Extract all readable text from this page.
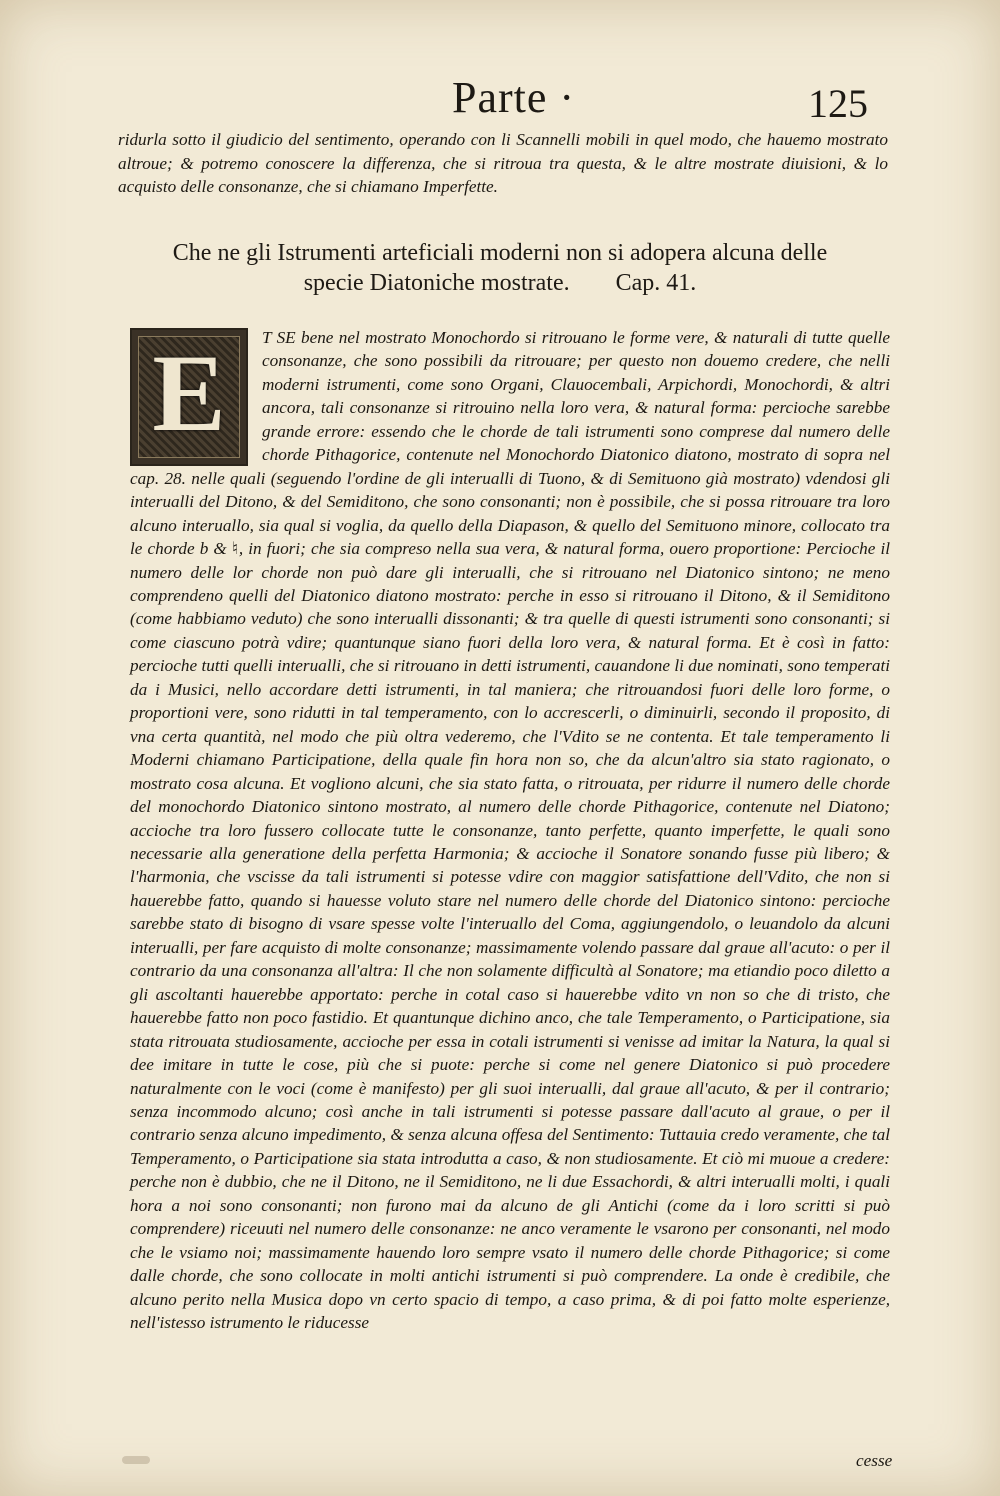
Parte ·	125
ridurla sotto il giudicio del sentimento, operando con li Scannelli mobili in quel modo, che hauemo mostrato altroue; & potremo conoscere la differenza, che si ritroua tra questa, & le altre mostrate diuisioni, & lo acquisto delle consonanze, che si chiamano Imperfette.
Che ne gli Istrumenti arteficiali moderni non si adopera alcuna delle
specie Diatoniche mostrate. Cap. 41.
E	T SE bene nel mostrato Monochordo si ritrouano le forme vere, & naturali di tutte quelle consonanze, che sono possibili da ritrouare; per questo non douemo credere, che nelli moderni istrumenti, come sono Organi, Clauocembali, Arpichordi, Monochordi, & altri ancora, tali consonanze si ritrouino nella loro vera, & natural forma: percioche sarebbe grande errore: essendo che le chorde de tali istrumenti sono comprese dal numero delle chorde Pithagorice, contenute nel Monochordo Diatonico diatono, mostrato di sopra nel cap. 28. nelle quali (seguendo l'ordine de gli interualli di Tuono, & di Semituono già mostrato) vdendosi gli interualli del Ditono, & del Semiditono, che sono consonanti; non è possibile, che si possa ritrouare tra loro alcuno interuallo, sia qual si voglia, da quello della Diapason, & quello del Semituono minore, collocato tra le chorde b & ♮, in fuori; che sia compreso nella sua vera, & natural forma, ouero proportione: Percioche il numero delle lor chorde non può dare gli interualli, che si ritrouano nel Diatonico sintono; ne meno comprendeno quelli del Diatonico diatono mostrato: perche in esso si ritrouano il Ditono, & il Semiditono (come habbiamo veduto) che sono interualli dissonanti; & tra quelle di questi istrumenti sono consonanti; si come ciascuno potrà vdire; quantunque siano fuori della loro vera, & natural forma. Et è così in fatto: percioche tutti quelli interualli, che si ritrouano in detti istrumenti, cauandone li due nominati, sono temperati da i Musici, nello accordare detti istrumenti, in tal maniera; che ritrouandosi fuori delle loro forme, o proportioni vere, sono ridutti in tal temperamento, con lo accrescerli, o diminuirli, secondo il proposito, di vna certa quantità, nel modo che più oltra vederemo, che l'Vdito se ne contenta. Et tale temperamento li Moderni chiamano Participatione, della quale fin hora non so, che da alcun'altro sia stato ragionato, o mostrato cosa alcuna. Et vogliono alcuni, che sia stato fatta, o ritrouata, per ridurre il numero delle chorde del monochordo Diatonico sintono mostrato, al numero delle chorde Pithagorice, contenute nel Diatono; accioche tra loro fussero collocate tutte le consonanze, tanto perfette, quanto imperfette, le quali sono necessarie alla generatione della perfetta Harmonia; & accioche il Sonatore sonando fusse più libero; & l'harmonia, che vscisse da tali istrumenti si potesse vdire con maggior satisfattione dell'Vdito, che non si hauerebbe fatto, quando si hauesse voluto stare nel numero delle chorde del Diatonico sintono: percioche sarebbe stato di bisogno di vsare spesse volte l'interuallo del Coma, aggiungendolo, o leuandolo da alcuni interualli, per fare acquisto di molte consonanze; massimamente volendo passare dal graue all'acuto: o per il contrario da una consonanza all'altra: Il che non solamente difficultà al Sonatore; ma etiandio poco diletto a gli ascoltanti hauerebbe apportato: perche in cotal caso si hauerebbe vdito vn non so che di tristo, che hauerebbe fatto non poco fastidio. Et quantunque dichino anco, che tale Temperamento, o Participatione, sia stata ritrouata studiosamente, accioche per essa in cotali istrumenti si venisse ad imitar la Natura, la qual si dee imitare in tutte le cose, più che si puote: perche si come nel genere Diatonico si può procedere naturalmente con le voci (come è manifesto) per gli suoi interualli, dal graue all'acuto, & per il contrario; senza incommodo alcuno; così anche in tali istrumenti si potesse passare dall'acuto al graue, o per il contrario senza alcuno impedimento, & senza alcuna offesa del Sentimento: Tuttauia credo veramente, che tal Temperamento, o Participatione sia stata introdutta a caso, & non studiosamente. Et ciò mi muoue a credere: perche non è dubbio, che ne il Ditono, ne il Semiditono, ne li due Essachordi, & altri interualli molti, i quali hora a noi sono consonanti; non furono mai da alcuno de gli Antichi (come da i loro scritti si può comprendere) riceuuti nel numero delle consonanze: ne anco veramente le vsarono per consonanti, nel modo che le vsiamo noi; massimamente hauendo loro sempre vsato il numero delle chorde Pithagorice; si come dalle chorde, che sono collocate in molti antichi istrumenti si può comprendere. La onde è credibile, che alcuno perito nella Musica dopo vn certo spacio di tempo, a caso prima, & di poi fatto molte esperienze, nell'istesso istrumento le riducesse
cesse
